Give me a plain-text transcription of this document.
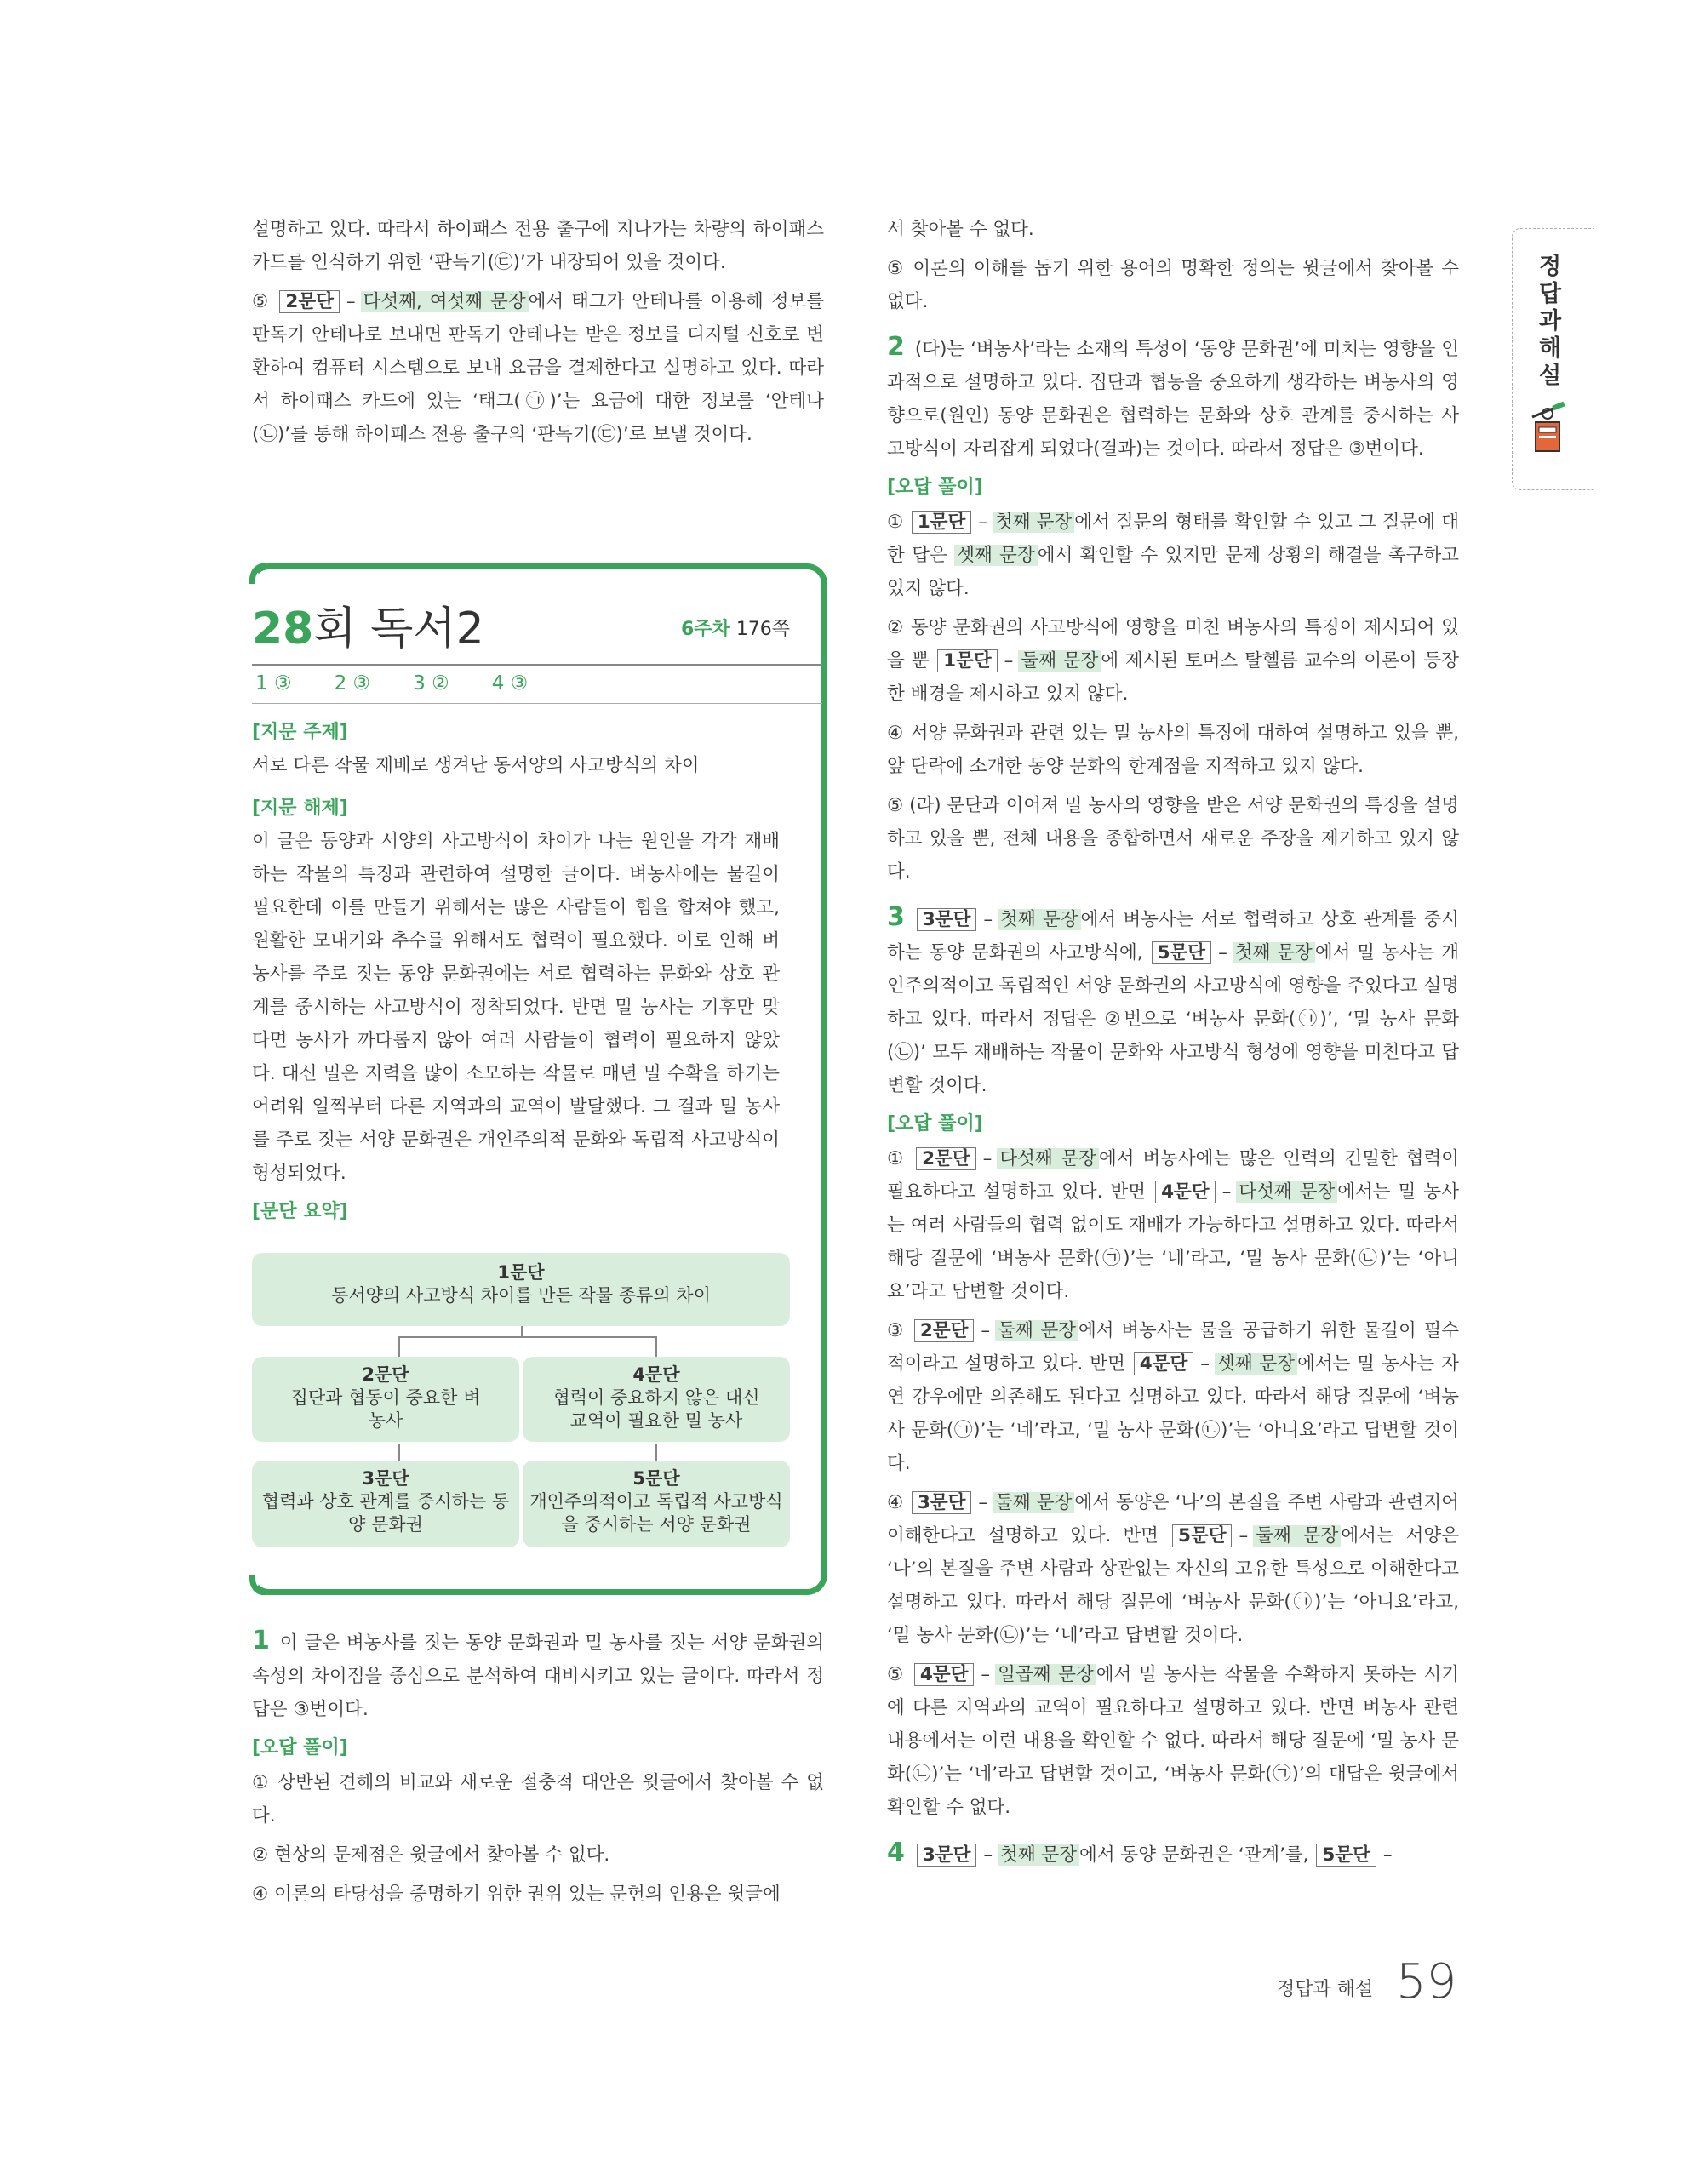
설명하고 있다. 따라서 하이패스 전용 출구에 지나가는 차량의 하이패스 카드를 인식하기 위한 ‘판독기(㉢)’가 내장되어 있을 것이다.

⑤ 2문단 – 다섯째, 여섯째 문장 에서 태그가 안테나를 이용해 정보를 판독기 안테나로 보내면 판독기 안테나는 받은 정보를 디지털 신호로 변환하여 컴퓨터 시스템으로 보내 요금을 결제한다고 설명하고 있다. 따라서 하이패스 카드에 있는 ‘태그(㉠)’는 요금에 대한 정보를 ‘안테나(㉡)’를 통해 하이패스 전용 출구의 ‘판독기(㉢)’로 보낼 것이다.

28회 독서2	6주차 176쪽
1 ③ 2 ③ 3 ② 4 ③
[지문 주제]

서로 다른 작물 재배로 생겨난 동서양의 사고방식의 차이

[지문 해제]

이 글은 동양과 서양의 사고방식이 차이가 나는 원인을 각각 재배하는 작물의 특징과 관련하여 설명한 글이다. 벼농사에는 물길이 필요한데 이를 만들기 위해서는 많은 사람들이 힘을 합쳐야 했고, 원활한 모내기와 추수를 위해서도 협력이 필요했다. 이로 인해 벼농사를 주로 짓는 동양 문화권에는 서로 협력하는 문화와 상호 관계를 중시하는 사고방식이 정착되었다. 반면 밀 농사는 기후만 맞다면 농사가 까다롭지 않아 여러 사람들이 협력이 필요하지 않았다. 대신 밀은 지력을 많이 소모하는 작물로 매년 밀 수확을 하기는 어려워 일찍부터 다른 지역과의 교역이 발달했다. 그 결과 밀 농사를 주로 짓는 서양 문화권은 개인주의적 문화와 독립적 사고방식이 형성되었다.

[문단 요약]
1문단
동서양의 사고방식 차이를 만든 작물 종류의 차이
2문단
집단과 협동이 중요한 벼농사
4문단
협력이 중요하지 않은 대신 교역이 필요한 밀 농사
3문단
협력과 상호 관계를 중시하는 동양 문화권
5문단
개인주의적이고 독립적 사고방식을 중시하는 서양 문화권

1 이 글은 벼농사를 짓는 동양 문화권과 밀 농사를 짓는 서양 문화권의 속성의 차이점을 중심으로 분석하여 대비시키고 있는 글이다. 따라서 정답은 ③번이다.

[오답 풀이]

① 상반된 견해의 비교와 새로운 절충적 대안은 윗글에서 찾아볼 수 없다.

② 현상의 문제점은 윗글에서 찾아볼 수 없다.

④ 이론의 타당성을 증명하기 위한 권위 있는 문헌의 인용은 윗글에

서 찾아볼 수 없다.

⑤ 이론의 이해를 돕기 위한 용어의 명확한 정의는 윗글에서 찾아볼 수 없다.

2 (다)는 ‘벼농사’라는 소재의 특성이 ‘동양 문화권’에 미치는 영향을 인과적으로 설명하고 있다. 집단과 협동을 중요하게 생각하는 벼농사의 영향으로(원인) 동양 문화권은 협력하는 문화와 상호 관계를 중시하는 사고방식이 자리잡게 되었다(결과)는 것이다. 따라서 정답은 ③번이다.

[오답 풀이]

① 1문단 – 첫째 문장 에서 질문의 형태를 확인할 수 있고 그 질문에 대한 답은 셋째 문장 에서 확인할 수 있지만 문제 상황의 해결을 촉구하고 있지 않다.

② 동양 문화권의 사고방식에 영향을 미친 벼농사의 특징이 제시되어 있을 뿐 1문단 – 둘째 문장 에 제시된 토머스 탈헬름 교수의 이론이 등장한 배경을 제시하고 있지 않다.

④ 서양 문화권과 관련 있는 밀 농사의 특징에 대하여 설명하고 있을 뿐, 앞 단락에 소개한 동양 문화의 한계점을 지적하고 있지 않다.

⑤ (라) 문단과 이어져 밀 농사의 영향을 받은 서양 문화권의 특징을 설명하고 있을 뿐, 전체 내용을 종합하면서 새로운 주장을 제기하고 있지 않다.

3 3문단 – 첫째 문장 에서 벼농사는 서로 협력하고 상호 관계를 중시하는 동양 문화권의 사고방식에, 5문단 – 첫째 문장 에서 밀 농사는 개인주의적이고 독립적인 서양 문화권의 사고방식에 영향을 주었다고 설명하고 있다. 따라서 정답은 ②번으로 ‘벼농사 문화(㉠)’, ‘밀 농사 문화(㉡)’ 모두 재배하는 작물이 문화와 사고방식 형성에 영향을 미친다고 답변할 것이다.

[오답 풀이]

① 2문단 – 다섯째 문장 에서 벼농사에는 많은 인력의 긴밀한 협력이 필요하다고 설명하고 있다. 반면 4문단 – 다섯째 문장 에서는 밀 농사는 여러 사람들의 협력 없이도 재배가 가능하다고 설명하고 있다. 따라서 해당 질문에 ‘벼농사 문화(㉠)’는 ‘네’라고, ‘밀 농사 문화(㉡)’는 ‘아니요’라고 답변할 것이다.

③ 2문단 – 둘째 문장 에서 벼농사는 물을 공급하기 위한 물길이 필수적이라고 설명하고 있다. 반면 4문단 – 셋째 문장 에서는 밀 농사는 자연 강우에만 의존해도 된다고 설명하고 있다. 따라서 해당 질문에 ‘벼농사 문화(㉠)’는 ‘네’라고, ‘밀 농사 문화(㉡)’는 ‘아니요’라고 답변할 것이다.

④ 3문단 – 둘째 문장 에서 동양은 ‘나’의 본질을 주변 사람과 관련지어 이해한다고 설명하고 있다. 반면 5문단 – 둘째 문장 에서는 서양은 ‘나’의 본질을 주변 사람과 상관없는 자신의 고유한 특성으로 이해한다고 설명하고 있다. 따라서 해당 질문에 ‘벼농사 문화(㉠)’는 ‘아니요’라고, ‘밀 농사 문화(㉡)’는 ‘네’라고 답변할 것이다.

⑤ 4문단 – 일곱째 문장 에서 밀 농사는 작물을 수확하지 못하는 시기에 다른 지역과의 교역이 필요하다고 설명하고 있다. 반면 벼농사 관련 내용에서는 이런 내용을 확인할 수 없다. 따라서 해당 질문에 ‘밀 농사 문화(㉡)’는 ‘네’라고 답변할 것이고, ‘벼농사 문화(㉠)’의 대답은 윗글에서 확인할 수 없다.

4 3문단 – 첫째 문장 에서 동양 문화권은 ‘관계’를, 5문단 –

정답과 해설
정답과 해설 59
